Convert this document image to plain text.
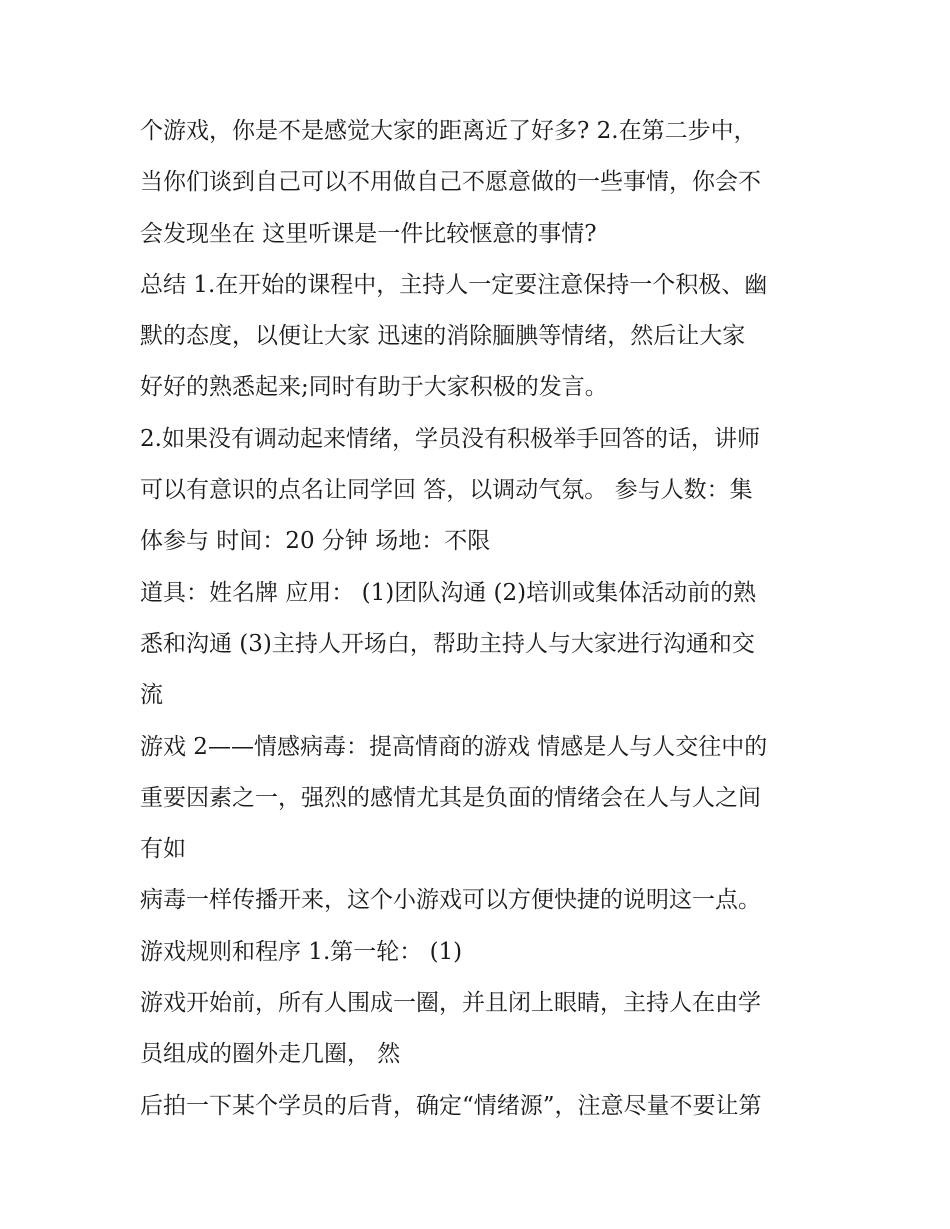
个游戏，你是不是感觉大家的距离近了好多? 2.在第二步中，
当你们谈到自己可以不用做自己不愿意做的一些事情，你会不
会发现坐在 这里听课是一件比较惬意的事情?
总结 1.在开始的课程中，主持人一定要注意保持一个积极、幽
默的态度，以便让大家 迅速的消除腼腆等情绪，然后让大家
好好的熟悉起来;同时有助于大家积极的发言。
2.如果没有调动起来情绪，学员没有积极举手回答的话，讲师
可以有意识的点名让同学回 答，以调动气氛。 参与人数：集
体参与 时间：20 分钟 场地：不限
道具：姓名牌 应用： (1)团队沟通 (2)培训或集体活动前的熟
悉和沟通 (3)主持人开场白，帮助主持人与大家进行沟通和交
流
游戏 2——情感病毒：提高情商的游戏 情感是人与人交往中的
重要因素之一，强烈的感情尤其是负面的情绪会在人与人之间
有如
病毒一样传播开来，这个小游戏可以方便快捷的说明这一点。
游戏规则和程序 1.第一轮： (1)
游戏开始前，所有人围成一圈，并且闭上眼睛，主持人在由学
员组成的圈外走几圈， 然
后拍一下某个学员的后背，确定“情绪源”，注意尽量不要让第
